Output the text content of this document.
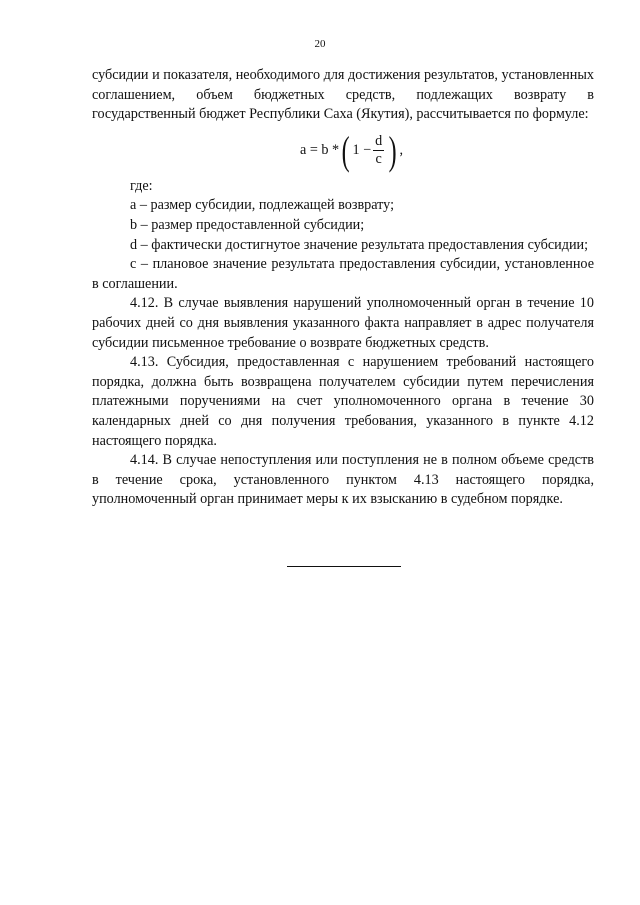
20

субсидии и показателя, необходимого для достижения результатов, установленных соглашением, объем бюджетных средств, подлежащих возврату в государственный бюджет Республики Саха (Якутия), рассчитывается по формуле:

a = b * ( $1 - \frac{d}{c}$ ) ,

где:

а – размер субсидии, подлежащей возврату;

b – размер предоставленной субсидии;

d – фактически достигнутое значение результата предоставления субсидии;

с – плановое значение результата предоставления субсидии, установленное в соглашении.

4.12. В случае выявления нарушений уполномоченный орган в течение 10 рабочих дней со дня выявления указанного факта направляет в адрес получателя субсидии письменное требование о возврате бюджетных средств.

4.13. Субсидия, предоставленная с нарушением требований настоящего порядка, должна быть возвращена получателем субсидии путем перечисления платежными поручениями на счет уполномоченного органа в течение 30 календарных дней со дня получения требования, указанного в пункте 4.12 настоящего порядка.

4.14. В случае непоступления или поступления не в полном объеме средств в течение срока, установленного пунктом 4.13 настоящего порядка, уполномоченный орган принимает меры к их взысканию в судебном порядке.
